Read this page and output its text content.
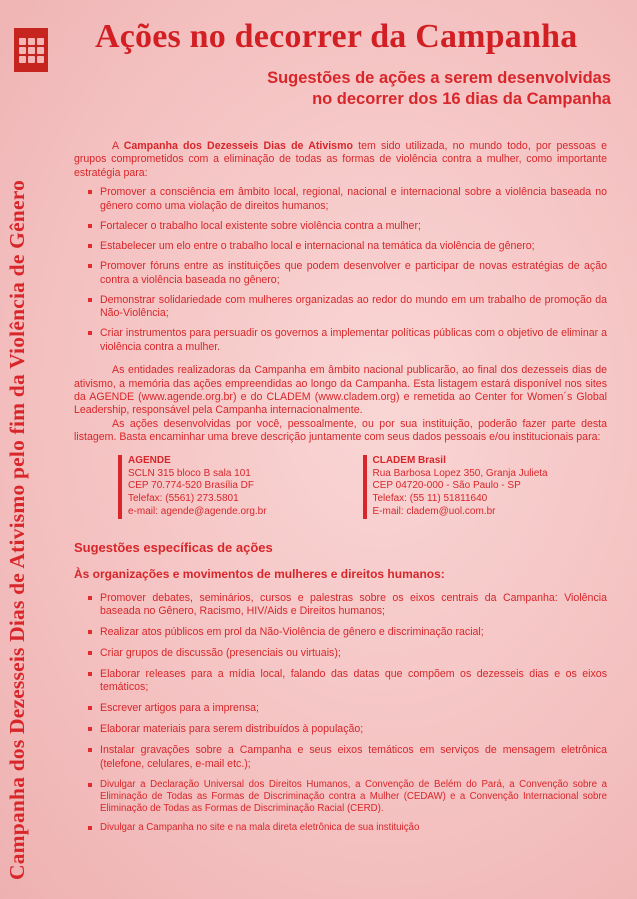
Campanha dos Dezesseis Dias de Ativismo pelo fim da Violência de Gênero
Ações no decorrer da Campanha
Sugestões de ações a serem desenvolvidas
no decorrer dos 16 dias da Campanha

A Campanha dos Dezesseis Dias de Ativismo tem sido utilizada, no mundo todo, por pessoas e grupos comprometidos com a eliminação de todas as formas de violência contra a mulher, como importante estratégia para:

Promover a consciência em âmbito local, regional, nacional e internacional sobre a violência baseada no gênero como uma violação de direitos humanos;
Fortalecer o trabalho local existente sobre violência contra a mulher;
Estabelecer um elo entre o trabalho local e internacional na temática da violência de gênero;
Promover fóruns entre as instituições que podem desenvolver e participar de novas estratégias de ação contra a violência baseada no gênero;
Demonstrar solidariedade com mulheres organizadas ao redor do mundo em um trabalho de promoção da Não-Violência;
Criar instrumentos para persuadir os governos a implementar políticas públicas com o objetivo de eliminar a violência contra a mulher.

As entidades realizadoras da Campanha em âmbito nacional publicarão, ao final dos dezesseis dias de ativismo, a memória das ações empreendidas ao longo da Campanha. Esta listagem estará disponível nos sites da AGENDE (www.agende.org.br) e do CLADEM (www.cladem.org) e remetida ao Center for Women´s Global Leadership, responsável pela Campanha internacionalmente.

As ações desenvolvidas por você, pessoalmente, ou por sua instituição, poderão fazer parte desta listagem. Basta encaminhar uma breve descrição juntamente com seus dados pessoais e/ou institucionais para:

AGENDE
SCLN 315 bloco B sala 101
CEP 70.774-520 Brasília DF
Telefax: (5561) 273.5801
e-mail: agende@agende.org.br
CLADEM Brasil
Rua Barbosa Lopez 350, Granja Julieta
CEP 04720-000 - São Paulo - SP
Telefax: (55 11) 51811640
E-mail: cladem@uol.com.br
Sugestões específicas de ações
Às organizações e movimentos de mulheres e direitos humanos:
Promover debates, seminários, cursos e palestras sobre os eixos centrais da Campanha: Violência baseada no Gênero, Racismo, HIV/Aids e Direitos humanos;
Realizar atos públicos em prol da Não-Violência de gênero e discriminação racial;
Criar grupos de discussão (presenciais ou virtuais);
Elaborar releases para a mídia local, falando das datas que compõem os dezesseis dias e os eixos temáticos;
Escrever artigos para a imprensa;
Elaborar materiais para serem distribuídos à população;
Instalar gravações sobre a Campanha e seus eixos temáticos em serviços de mensagem eletrônica (telefone, celulares, e-mail etc.);
Divulgar a Declaração Universal dos Direitos Humanos, a Convenção de Belém do Pará, a Convenção sobre a Eliminação de Todas as Formas de Discriminação contra a Mulher (CEDAW) e a Convenção Internacional sobre Eliminação de Todas as Formas de Discriminação Racial (CERD).
Divulgar a Campanha no site e na mala direta eletrônica de sua instituição
